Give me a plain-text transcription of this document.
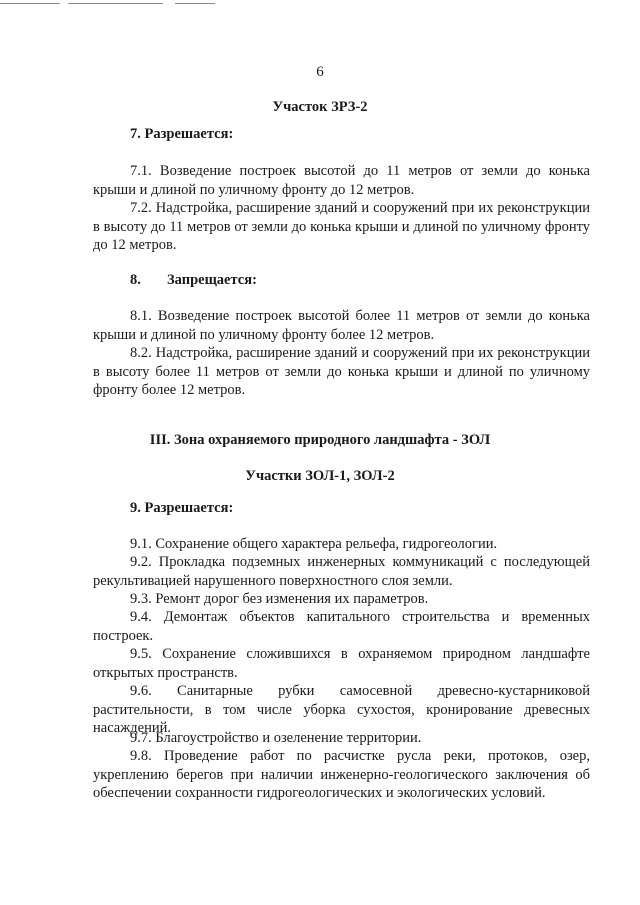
6
Участок ЗРЗ-2
7. Разрешается:
7.1. Возведение построек высотой до 11 метров от земли до конька крыши и длиной по уличному фронту до 12 метров.
7.2. Надстройка, расширение зданий и сооружений при их реконструкции в высоту до 11 метров от земли до конька крыши и длиной по уличному фронту до 12 метров.
8. Запрещается:
8.1. Возведение построек высотой более 11 метров от земли до конька крыши и длиной по уличному фронту более 12 метров.
8.2. Надстройка, расширение зданий и сооружений при их реконструкции в высоту более 11 метров от земли до конька крыши и длиной по уличному фронту более 12 метров.
III. Зона охраняемого природного ландшафта - ЗОЛ
Участки ЗОЛ-1, ЗОЛ-2
9. Разрешается:
9.1. Сохранение общего характера рельефа, гидрогеологии.
9.2. Прокладка подземных инженерных коммуникаций с последующей рекультивацией нарушенного поверхностного слоя земли.
9.3. Ремонт дорог без изменения их параметров.
9.4. Демонтаж объектов капитального строительства и временных построек.
9.5. Сохранение сложившихся в охраняемом природном ландшафте открытых пространств.
9.6. Санитарные рубки самосевной древесно-кустарниковой растительности, в том числе уборка сухостоя, кронирование древесных насаждений.
9.7. Благоустройство и озеленение территории.
9.8. Проведение работ по расчистке русла реки, протоков, озер, укреплению берегов при наличии инженерно-геологического заключения об обеспечении сохранности гидрогеологических и экологических условий.
